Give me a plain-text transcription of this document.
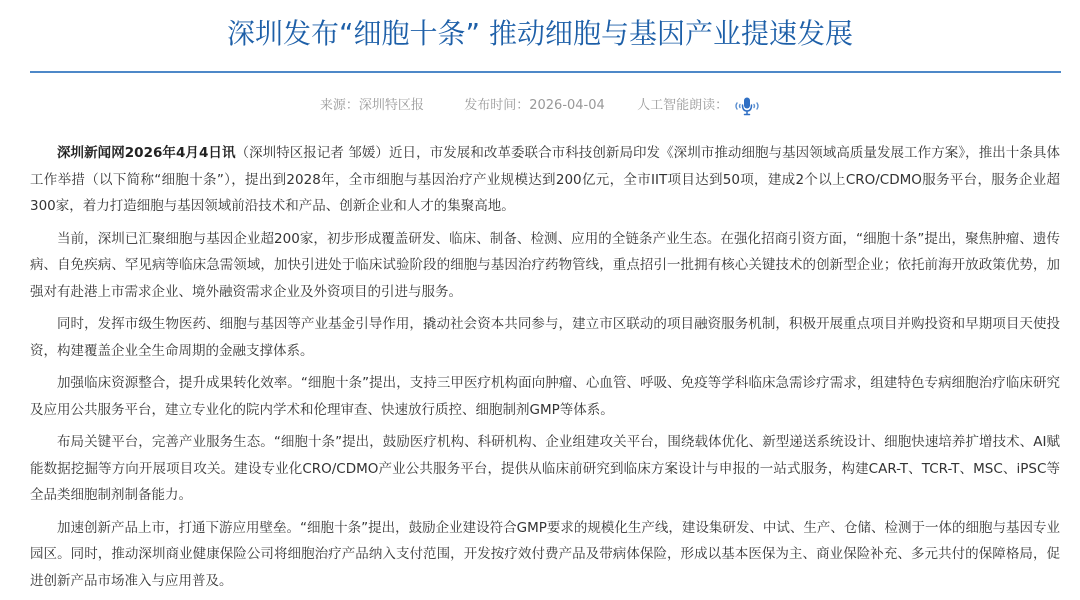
深圳发布“细胞十条” 推动细胞与基因产业提速发展
来源：深圳特区报	发布时间：2026-04-04 人工智能朗读：

深圳新闻网2026年4月4日讯（深圳特区报记者 邹媛）近日，市发展和改革委联合市科技创新局印发《深圳市推动细胞与基因领域高质量发展工作方案》，推出十条具体工作举措（以下简称“细胞十条”），提出到2028年，全市细胞与基因治疗产业规模达到200亿元，全市IIT项目达到50项，建成2个以上CRO/CDMO服务平台，服务企业超300家，着力打造细胞与基因领域前沿技术和产品、创新企业和人才的集聚高地。

当前，深圳已汇聚细胞与基因企业超200家，初步形成覆盖研发、临床、制备、检测、应用的全链条产业生态。在强化招商引资方面，“细胞十条”提出，聚焦肿瘤、遗传病、自免疾病、罕见病等临床急需领域，加快引进处于临床试验阶段的细胞与基因治疗药物管线，重点招引一批拥有核心关键技术的创新型企业；依托前海开放政策优势，加强对有赴港上市需求企业、境外融资需求企业及外资项目的引进与服务。

同时，发挥市级生物医药、细胞与基因等产业基金引导作用，撬动社会资本共同参与，建立市区联动的项目融资服务机制，积极开展重点项目并购投资和早期项目天使投资，构建覆盖企业全生命周期的金融支撑体系。

加强临床资源整合，提升成果转化效率。“细胞十条”提出，支持三甲医疗机构面向肿瘤、心血管、呼吸、免疫等学科临床急需诊疗需求，组建特色专病细胞治疗临床研究及应用公共服务平台，建立专业化的院内学术和伦理审查、快速放行质控、细胞制剂GMP等体系。

布局关键平台，完善产业服务生态。“细胞十条”提出，鼓励医疗机构、科研机构、企业组建攻关平台，围绕载体优化、新型递送系统设计、细胞快速培养扩增技术、AI赋能数据挖掘等方向开展项目攻关。建设专业化CRO/CDMO产业公共服务平台，提供从临床前研究到临床方案设计与申报的一站式服务，构建CAR-T、TCR-T、MSC、iPSC等全品类细胞制剂制备能力。

加速创新产品上市，打通下游应用壁垒。“细胞十条”提出，鼓励企业建设符合GMP要求的规模化生产线，建设集研发、中试、生产、仓储、检测于一体的细胞与基因专业园区。同时，推动深圳商业健康保险公司将细胞治疗产品纳入支付范围，开发按疗效付费产品及带病体保险，形成以基本医保为主、商业保险补充、多元共付的保障格局，促进创新产品市场准入与应用普及。
